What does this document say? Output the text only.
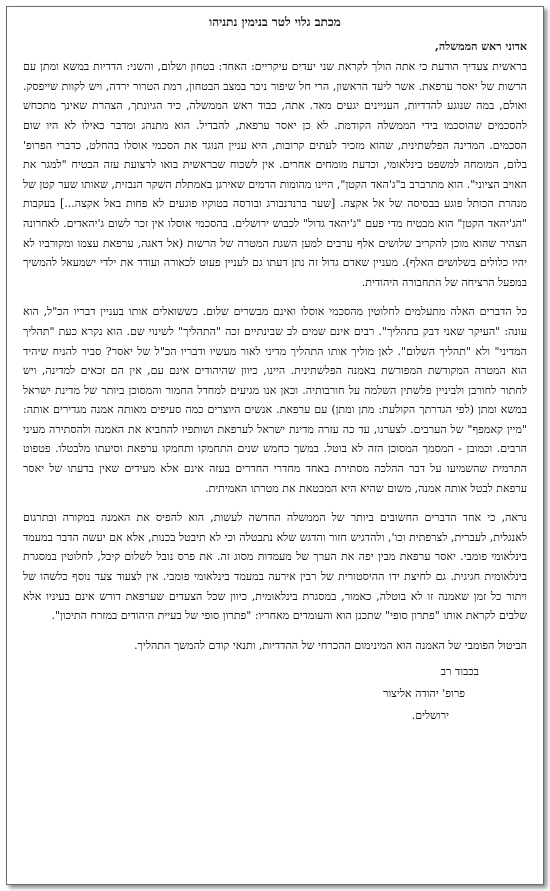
מכתב גלוי לטר בנימין נתניהו
אדוני ראש הממשלה,

בראשית צעדיך הודעת כי אתה הולך לקראת שני יעדים עיקריים: האחד: בטחון ושלום, והשני: הדדיות במשא ומתן עם הרשות של יאסר ערפאת. אשר ליעד הראשון, הרי חל שיפור ניכר במצב הבטחון, רמת הטרור ירדה, ויש לקוות שייפסק. ואולם, במה שנוגע להדדיות, העניינים יגעים מאד. אתה, כבוד ראש הממשלה, כיד הגיונתך, הצהרת שאינך מתכחש להסכמים שהוסכמו בידי הממשלה הקודמת. לא כן יאסר ערפאת, להבדיל. הוא מתנהג ומדבר כאילו לא היו שום הסכמים. המדינה הפלשתינית, שהוא מזכיר לעתים קרובות, היא עניין הנוגד את הסכמי אוסלו בהחלט, כדברי הפרופ' בלום, המומחה למשפט בינלאומי, וכדעת מומחים אחרים. אין לשכוח שבראשית בואו לרצועת עזה הבטיח "למגר את האויב הציוני". הוא מתרברב ב"ג'האד הקטן", היינו מהומות הדמים שאירגן באמתלת השקר הנבזית, שאותו שער קטן של מנהרת הכותל פוגע בבסיסה של אל אקצה. [שער ברנדנבורג ובורסה בטוקיו פוגעים לא פחות באל אקצה...] בעקבות "הג'יהאד הקטן" הוא מבטיח מדי פעם "ג'יהאד גדול" לכבוש ירושלים. בהסכמי אוסלו אין זכר לשום ג'יהאדים. לאחרונה הצהיר שהוא מוכן להקריב שלושים אלף ערבים למען השגת המטרה של הרשות (אל דאגה, ערפאת עצמו ומקורביו לא יהיו כלולים בשלושים האלף). מעניין שאדם גדול זה נתן דעתו גם לעניין פעוט לכאורה ועודד את ילדי ישמעאל להמשיך במפעל הרציחה של התחבורה היהודית.

כל הדברים האלה מתעלמים לחלוטין מהסכמי אוסלו ואינם מבשרים שלום. כששואלים אותו בעניין דבריו הכ"ל, הוא עונה: "העיקר שאני דבק בתהליך". רבים אינם שמים לב שבינתיים זכה "התהליך" לשינוי שם. הוא נקרא כעת "תהליך המדיני" ולא "תהליך השלום". לאן מוליך אותו התהליך מדיני לאור מעשיו ודבריו הכ"ל של יאסר? סביר להניח שיהיד הוא המטרה המקודשת המפורשת באמנה הפלשתינית. היינו, כיוון שהיהודים אינם עם, אין הם זכאים למדינה, ויש לחתור לחורבן ולביניין פלשתין השלמה על חורבותיה. וכאן אנו מגיעים למחדל החמור והמסוכן ביותר של מדינת ישראל במשא ומתן (לפי הגדרתך הקולעת: מתן ומתן) עם ערפאת. אנשים היוצרים כמה סעיפים מאותה אמנה מגדירים אותה: "מיין קאמפף" של הערבים. לצערנו, עד כה עזרה מדינת ישראל לערפאת ושותפיו להחביא את האמנה ולהסתירה מעיני הרבים. וכמובן - המסמך המסוכן הזה לא בוטל. במשך כחמש שנים התחמקו ותחמקו ערפאת וסיעתו מלבטלו. פטפוט התרמית שהשמיעו על דבר ההלכה מסתירת באחד מחדרי החדרים בעזה אינם אלא מעידים שאין בדעתו של יאסר ערפאת לבטל אותה אמנה, משום שהיא היא המבטאת את מטרתו האמיתית.

נראה, כי אחד הדברים החשובים ביותר של הממשלה החדשה לעשות, הוא להפיס את האמנה במקורה ובתרגום לאנגלית, לעברית, לצרפתית וכו', ולהדגיש חזור והדגש שלא נתבטלה וכי לא תיבטל בכנות, אלא אם יעשה הדבר במעמד בינלאומי פומבי. יאסר ערפאת מבין יפה את הערך של מעמדות מסוג זה. את פרס נובל לשלום קיבל, לחלוטין במסגרת בינלאומית חגיגית. גם לחיצת ידו ההיסטורית של רבין אירעה במעמד בינלאומי פומבי. אין לצעוד צעד נוסף כלשהו של ויתור כל זמן שאמנה זו לא בוטלה, כאמור, במסגרת בינלאומית, כיוון שכל הצעדים שערפאת דורש אינם בעיניו אלא שלבים לקראת אותו "פתרון סופי" שתכנן הוא והעומדים מאחריו: "פתרון סופי של בעיית היהודים במזרח התיכון".

הביטול הפומבי של האמנה הוא המינימום ההכרחי של ההדדיות, ותנאי קודם להמשך התהליך.

בכבוד רב
פרופ' יהודה אליצור
ירושלים.
